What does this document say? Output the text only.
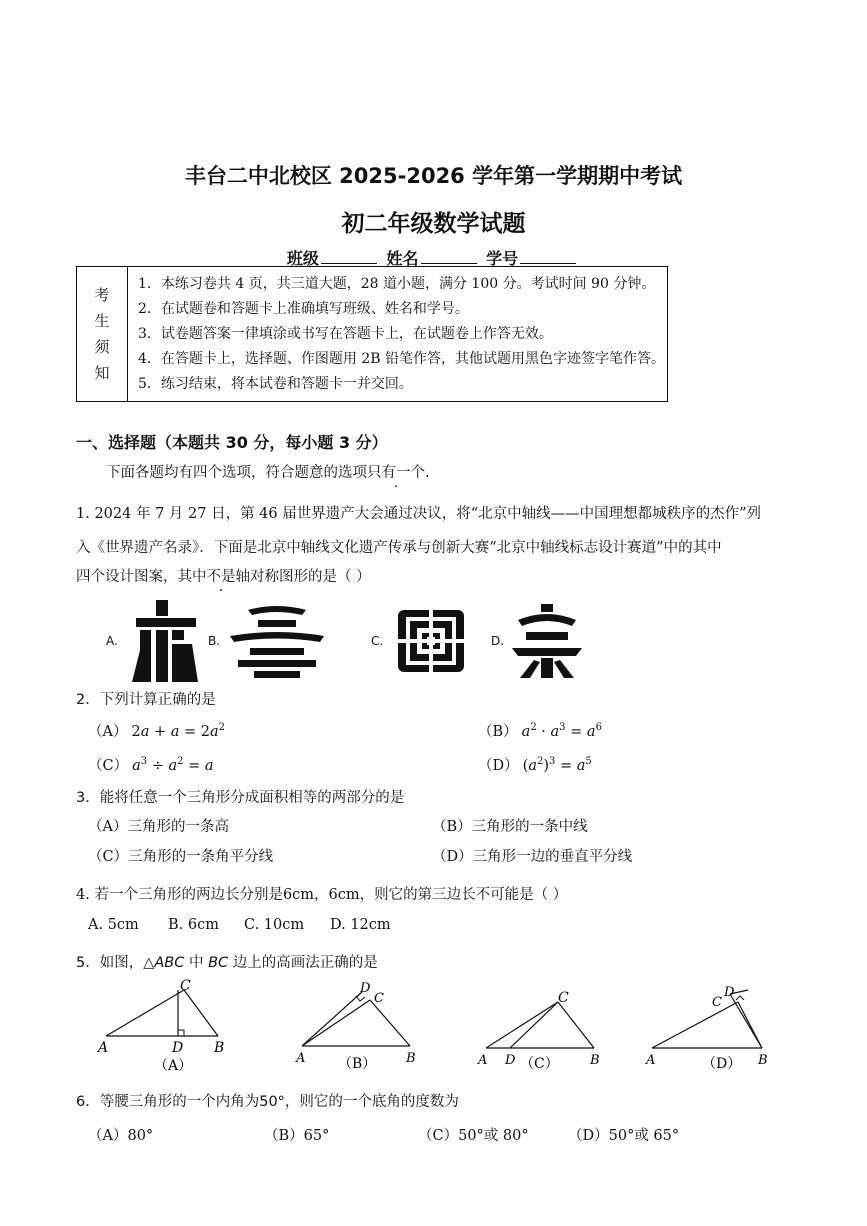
丰台二中北校区 2025-2026 学年第一学期期中考试
初二年级数学试题
班级	姓名	学号
考
生
须
知

1．本练习卷共 4 页，共三道大题，28 道小题，满分 100 分。考试时间 90 分钟。
2．在试题卷和答题卡上准确填写班级、姓名和学号。
3．试卷题答案一律填涂或书写在答题卡上，在试题卷上作答无效。
4．在答题卡上，选择题、作图题用 2B 铅笔作答，其他试题用黑色字迹签字笔作答。
5．练习结束，将本试卷和答题卡一并交回。
一、选择题（本题共 30 分，每小题 3 分）
下面各题均有四个选项，符合题意的选项只有一个.
1. 2024 年 7 月 27 日，第 46 届世界遗产大会通过决议，将“北京中轴线——中国理想都城秩序的杰作”列
入《世界遗产名录》．下面是北京中轴线文化遗产传承与创新大赛“北京中轴线标志设计赛道”中的其中
四个设计图案，其中不是轴对称图形的是（ ）
A.	B.	C.	D.
2．下列计算正确的是
（A） $2a + a = 2a^2$	（B） $a^2 \cdot a^3 = a^6$
（C） $a^3 \div a^2 = a$	（D） $(a^2)^3 = a^5$
3．能将任意一个三角形分成面积相等的两部分的是
（A）三角形的一条高	（B）三角形的一条中线
（C）三角形的一条角平分线	（D）三角形一边的垂直平分线
4. 若一个三角形的两边长分别是6cm，6cm，则它的第三边长不可能是（ ）
A. 5cm B. 6cm C. 10cm D. 12cm
5．如图，△ABC 中 BC 边上的高画法正确的是
C
A	D B
（A）
D
C
A	B
（B）
C
A D	B
（C）
C
D
A	B
（D）
6．等腰三角形的一个内角为50°，则它的一个底角的度数为
（A）80°	（B）65°	（C）50°或 80°	（D）50°或 65°
